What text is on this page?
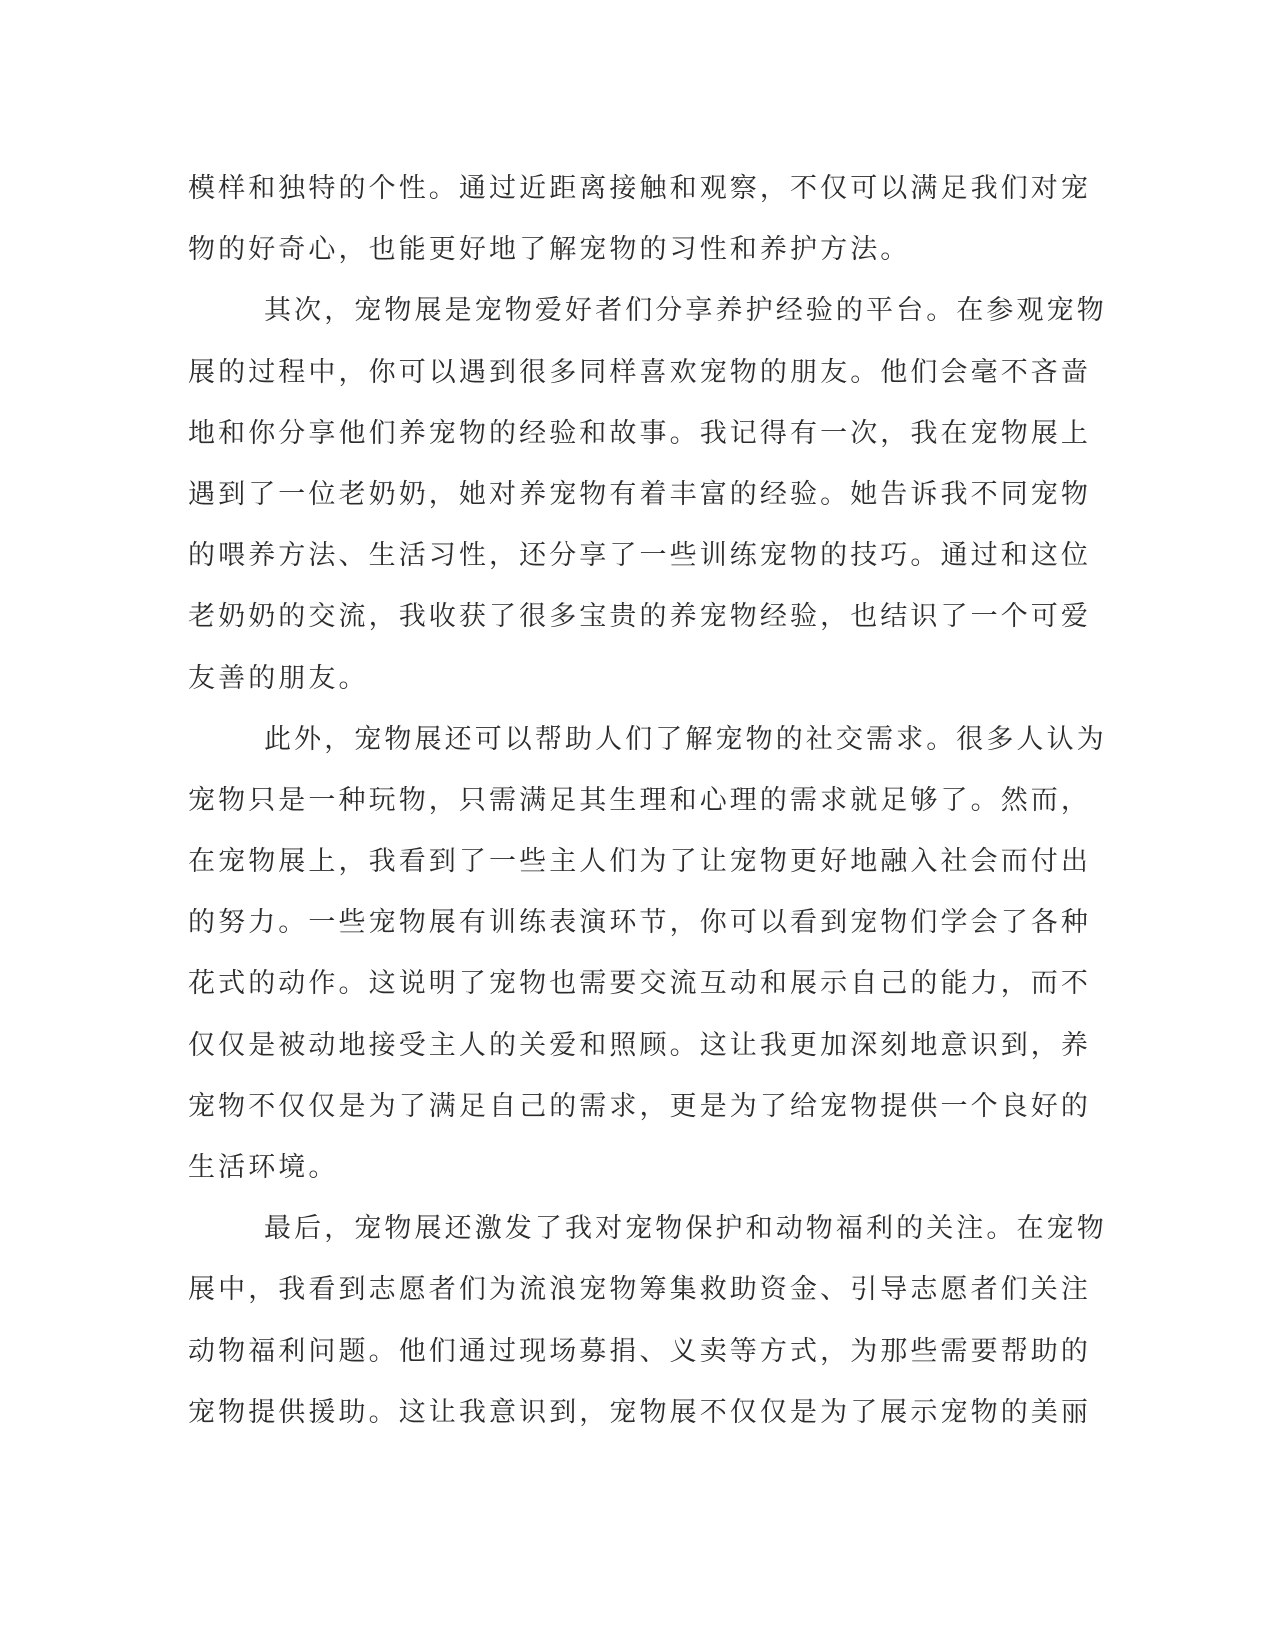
模样和独特的个性。通过近距离接触和观察，不仅可以满足我们对宠
物的好奇心，也能更好地了解宠物的习性和养护方法。
其次，宠物展是宠物爱好者们分享养护经验的平台。在参观宠物
展的过程中，你可以遇到很多同样喜欢宠物的朋友。他们会毫不吝啬
地和你分享他们养宠物的经验和故事。我记得有一次，我在宠物展上
遇到了一位老奶奶，她对养宠物有着丰富的经验。她告诉我不同宠物
的喂养方法、生活习性，还分享了一些训练宠物的技巧。通过和这位
老奶奶的交流，我收获了很多宝贵的养宠物经验，也结识了一个可爱
友善的朋友。
此外，宠物展还可以帮助人们了解宠物的社交需求。很多人认为
宠物只是一种玩物，只需满足其生理和心理的需求就足够了。然而，
在宠物展上，我看到了一些主人们为了让宠物更好地融入社会而付出
的努力。一些宠物展有训练表演环节，你可以看到宠物们学会了各种
花式的动作。这说明了宠物也需要交流互动和展示自己的能力，而不
仅仅是被动地接受主人的关爱和照顾。这让我更加深刻地意识到，养
宠物不仅仅是为了满足自己的需求，更是为了给宠物提供一个良好的
生活环境。
最后，宠物展还激发了我对宠物保护和动物福利的关注。在宠物
展中，我看到志愿者们为流浪宠物筹集救助资金、引导志愿者们关注
动物福利问题。他们通过现场募捐、义卖等方式，为那些需要帮助的
宠物提供援助。这让我意识到，宠物展不仅仅是为了展示宠物的美丽
